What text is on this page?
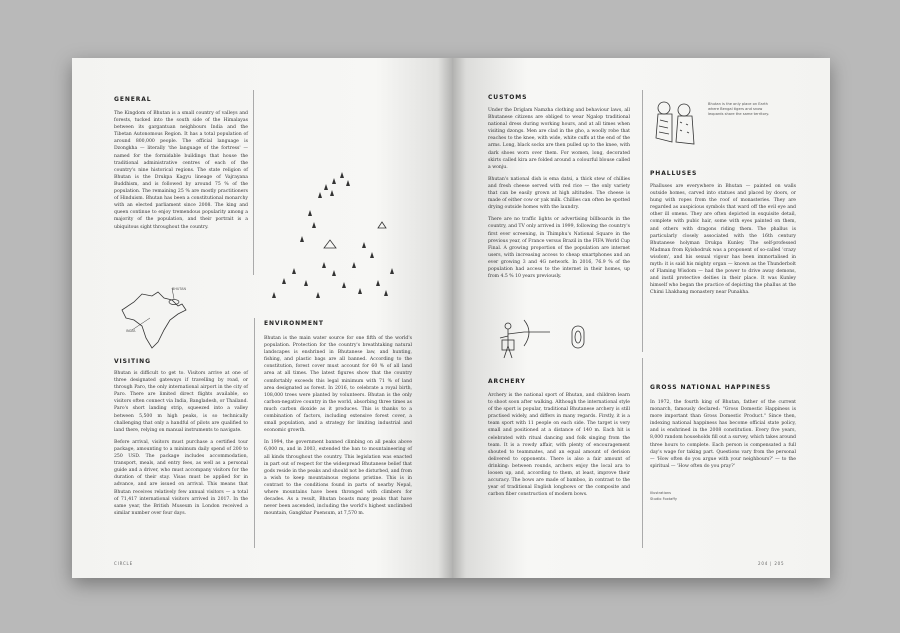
GENERAL

The Kingdom of Bhutan is a small country of valleys and forests, tucked into the south side of the Himalayas between its gargantuan neighbours India and the Tibetan Autonomous Region. It has a total population of around 800,000 people. The official language is Dzongkha — literally 'the language of the fortress' — named for the formidable buildings that house the traditional administrative centres of each of the country's nine historical regions. The state religion of Bhutan is the Drukpa Kagyu lineage of Vajrayana Buddhism, and is followed by around 75 % of the population. The remaining 25 % are mostly practitioners of Hinduism. Bhutan has been a constitutional monarchy with an elected parliament since 2008. The king and queen continue to enjoy tremendous popularity among a majority of the population, and their portrait is a ubiquitous sight throughout the country.

BHUTAN
INDIA
VISITING

Bhutan is difficult to get to. Visitors arrive at one of three designated gateways if travelling by road, or through Paro, the only international airport in the city of Paro. There are limited direct flights available, so visitors often connect via India, Bangladesh, or Thailand. Paro's short landing strip, squeezed into a valley between 5,500 m high peaks, is so technically challenging that only a handful of pilots are qualified to land there, relying on manual instruments to navigate.

Before arrival, visitors must purchase a certified tour package, amounting to a minimum daily spend of 200 to 250 USD. The package includes accommodation, transport, meals, and entry fees, as well as a personal guide and a driver, who must accompany visitors for the duration of their stay. Visas must be applied for in advance, and are issued on arrival. This means that Bhutan receives relatively few annual visitors — a total of 71,417 international visitors arrived in 2017. In the same year, the British Museum in London received a similar number over four days.

ENVIRONMENT

Bhutan is the main water source for one fifth of the world's population. Protection for the country's breathtaking natural landscapes is enshrined in Bhutanese law, and hunting, fishing, and plastic bags are all banned. According to the constitution, forest cover must account for 60 % of all land area at all times. The latest figures show that the country comfortably exceeds this legal minimum with 71 % of land area designated as forest. In 2016, to celebrate a royal birth, 108,000 trees were planted by volunteers. Bhutan is the only carbon-negative country in the world, absorbing three times as much carbon dioxide as it produces. This is thanks to a combination of factors, including extensive forest cover, a small population, and a strategy for limiting industrial and economic growth.

In 1994, the government banned climbing on all peaks above 6,000 m, and in 2003, extended the ban to mountaineering of all kinds throughout the country. This legislation was enacted in part out of respect for the widespread Bhutanese belief that gods reside in the peaks and should not be disturbed, and from a wish to keep mountainous regions pristine. This is in contrast to the conditions found in parts of nearby Nepal, where mountains have been thronged with climbers for decades. As a result, Bhutan boasts many peaks that have never been ascended, including the world's highest unclimbed mountain, Gangkhar Puensum, at 7,570 m.

CIRCLE
CUSTOMS

Under the Driglam Namzha clothing and behaviour laws, all Bhutanese citizens are obliged to wear Ngalop traditional national dress during working hours, and at all times when visiting dzongs. Men are clad in the gho, a woolly robe that reaches to the knee, with wide, white cuffs at the end of the arms. Long, black socks are then pulled up to the knee, with dark shoes worn over them. For women, long, decorated skirts called kira are folded around a colourful blouse called a wonju.

Bhutan's national dish is ema datsi, a thick stew of chillies and fresh cheese served with red rice — the only variety that can be easily grown at high altitudes. The cheese is made of either cow or yak milk. Chillies can often be spotted drying outside homes with the laundry.

There are no traffic lights or advertising billboards in the country, and TV only arrived in 1999, following the country's first ever screening, in Thimphu's National Square in the previous year, of France versus Brazil in the FIFA World Cup Final. A growing proportion of the population are internet users, with increasing access to cheap smartphones and an ever growing 3 and 4G network. In 2016, 76.9 % of the population had access to the internet in their homes, up from 4.5 % 10 years previously.

Bhutan is the only place on Earth where Bengal tigers and snow leopards share the same territory.
PHALLUSES

Phalluses are everywhere in Bhutan — painted on walls outside homes, carved into statues and placed by doors, or hung with ropes from the roof of monasteries. They are regarded as auspicious symbols that ward off the evil eye and other ill omens. They are often depicted in exquisite detail, complete with pubic hair, some with eyes painted on them, and others with dragons riding them. The phallus is particularly closely associated with the 16th century Bhutanese holyman Drukpa Kunley. The self-professed Madman from Kyishodruk was a proponent of so-called 'crazy wisdom', and his sexual vigour has been immortalised in myth: it is said his mighty organ — known as the Thunderbolt of Flaming Wisdom — had the power to drive away demons, and instil protective deities in their place. It was Kunley himself who began the practice of depicting the phallus at the Chimi Lhakhang monastery near Punakha.

ARCHERY

Archery is the national sport of Bhutan, and children learn to shoot soon after walking. Although the international style of the sport is popular, traditional Bhutanese archery is still practised widely, and differs in many regards. Firstly, it is a team sport with 11 people on each side. The target is very small and positioned at a distance of 140 m. Each hit is celebrated with ritual dancing and folk singing from the team. It is a rowdy affair, with plenty of encouragement shouted to teammates, and an equal amount of derision delivered to opponents. There is also a fair amount of drinking: between rounds, archers enjoy the local ara to loosen up, and, according to them, at least, improve their accuracy. The bows are made of bamboo, in contrast to the year of traditional English longbows or the composite and carbon fiber construction of modern bows.

GROSS NATIONAL HAPPINESS

In 1972, the fourth king of Bhutan, father of the current monarch, famously declared: "Gross Domestic Happiness is more important than Gross Domestic Product." Since then, indexing national happiness has become official state policy, and is enshrined in the 2008 constitution. Every five years, 8,000 random households fill out a survey, which takes around three hours to complete. Each person is compensated a full day's wage for taking part. Questions vary from the personal — 'How often do you argue with your neighbours?' — to the spiritual — 'How often do you pray?'

Illustrations
Studio Foxtaffy
204 | 205
